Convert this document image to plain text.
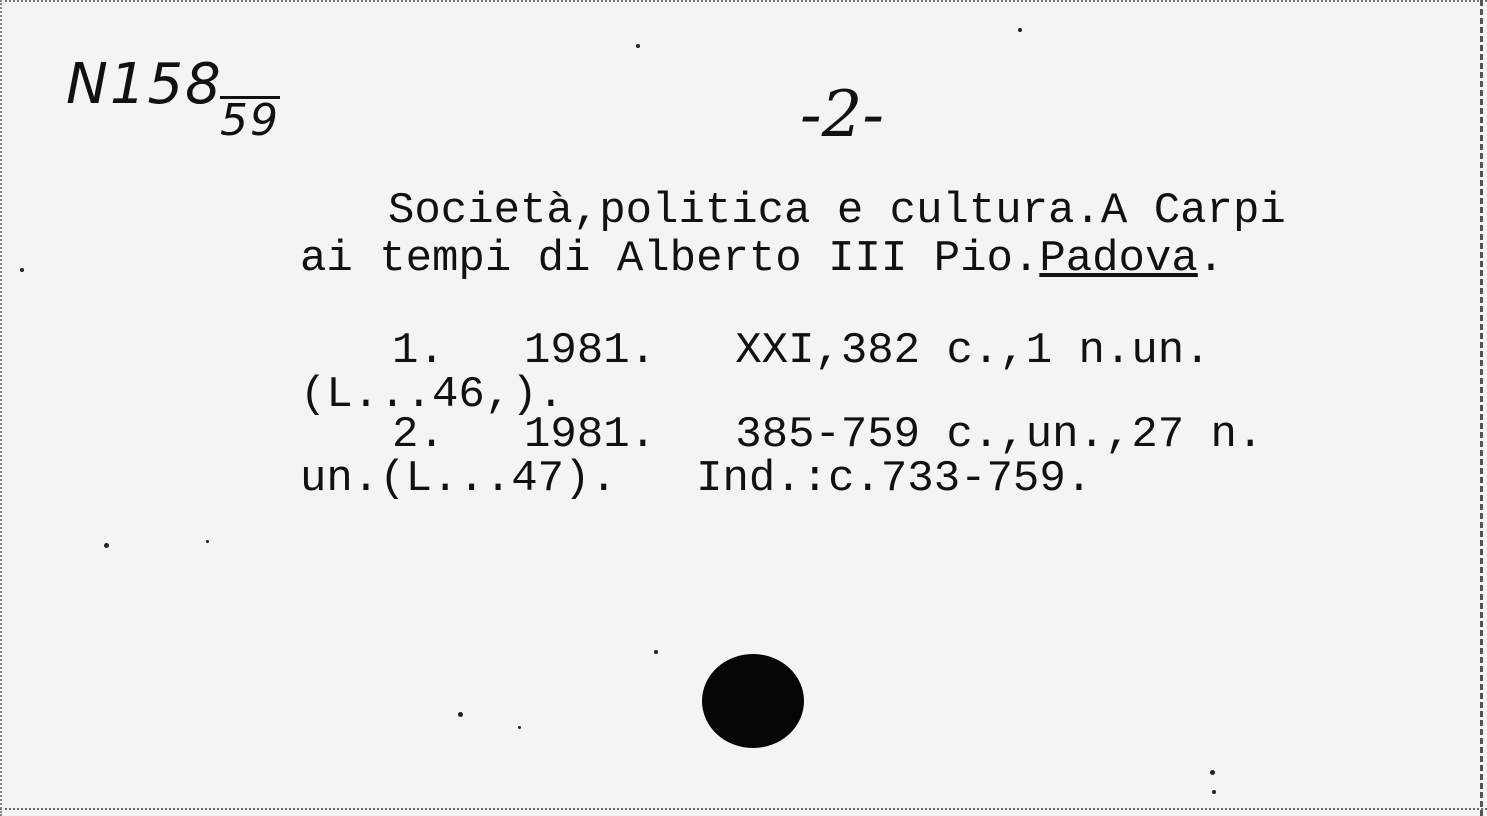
N158
59	-2-
Società,politica e cultura.A Carpi
ai tempi di Alberto III Pio.Padova.
1.   1981.   XXI,382 c.,1 n.un.
(L...46,).
2.   1981.   385-759 c.,un.,27 n.
un.(L...47).   Ind.:c.733-759.
